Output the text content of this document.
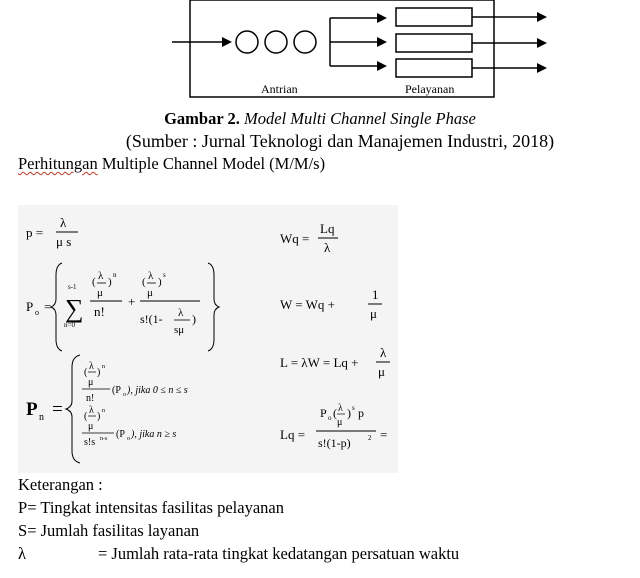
Antrian	Pelayanan
Gambar 2. Model Multi Channel Single Phase
(Sumber : Jurnal Teknologi dan Manajemen Industri, 2018)
Perhitungan Multiple Channel Model (M/M/s)
p =
λ
μ s
P o = ∑
s-1
n=0
( λ )
n
μ
n!
+
( λ )
s
μ
s!(1- λ
sμ
)
P n =
(
λ
) n
μ
n!
(P o ), jika 0 ≤ n ≤ s
(
λ
) n
μ
s!s n-s (P o ), jika n ≥ s
Wq =
Lq
λ
W = Wq +
1
μ
L = λW = Lq +
λ
μ
Lq =
P o ( λ
μ
) s p
s!(1-p) 2 =
Keterangan :
P= Tingkat intensitas fasilitas pelayanan
S= Jumlah fasilitas layanan
λ	= Jumlah rata-rata tingkat kedatangan persatuan waktu
